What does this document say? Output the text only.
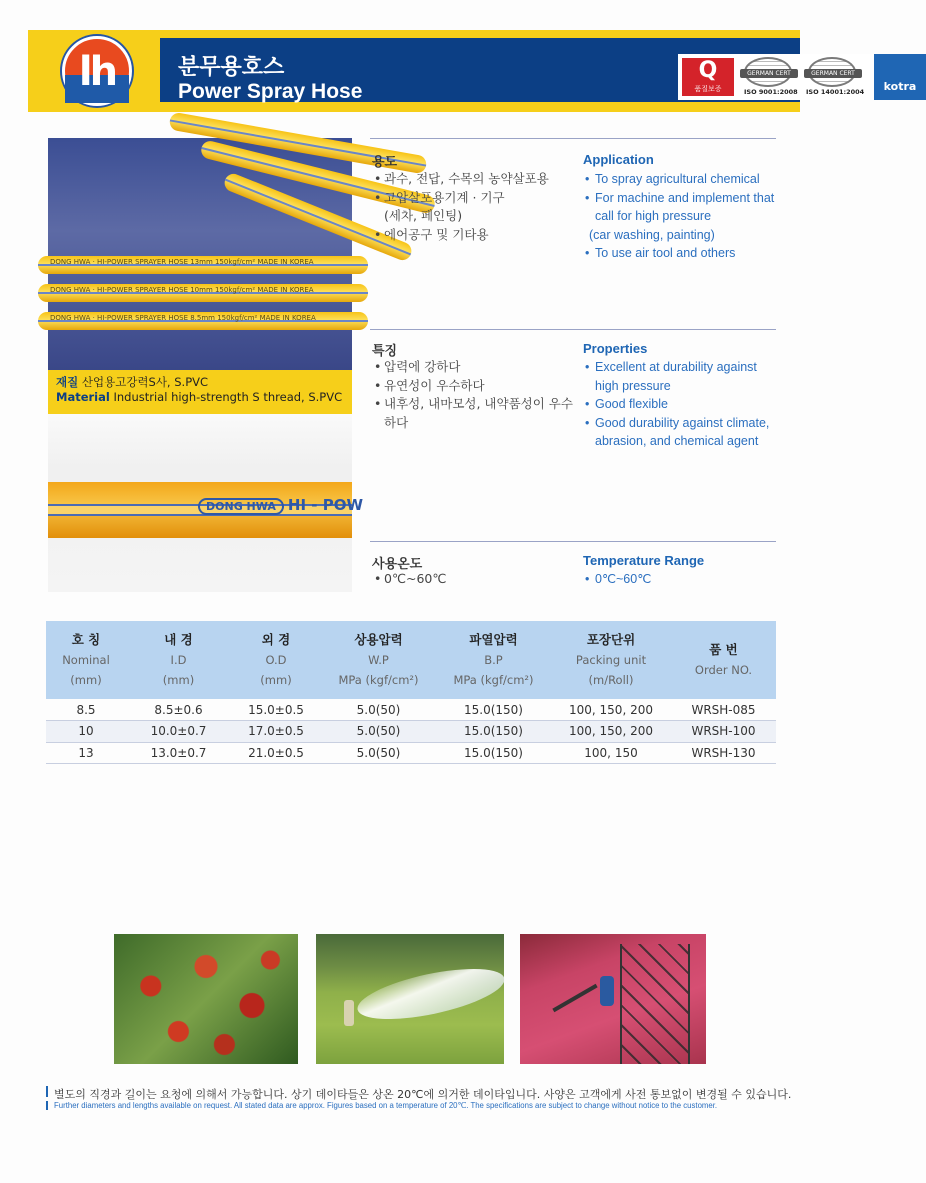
lh	분무용호스
Power Spray Hose
Q
품질보증
GERMAN CERT
ISO 9001:2008
GERMAN CERT
ISO 14001:2004	kotra
DONG HWA · HI-POWER SPRAYER HOSE 13mm 150kgf/cm² MADE IN KOREA
DONG HWA · HI-POWER SPRAYER HOSE 10mm 150kgf/cm² MADE IN KOREA
DONG HWA · HI-POWER SPRAYER HOSE 8.5mm 150kgf/cm² MADE IN KOREA
재질 산업용고강력S사, S.PVC
Material Industrial high-strength S thread, S.PVC
DONG HWA HI - POW
용도
• 과수, 전답, 수목의 농약살포용
• 고압살포용기계 · 기구
(세차, 페인팅)
• 에어공구 및 기타용
Application
• To spray agricultural chemical
• For machine and implement that
call for high pressure
(car washing, painting)
• To use air tool and others
특징
• 압력에 강하다
• 유연성이 우수하다
• 내후성, 내마모성, 내약품성이 우수
하다
Properties
• Excellent at durability against
high pressure
• Good flexible
• Good durability against climate,
abrasion, and chemical agent
사용온도
• 0℃~60℃
Temperature Range
• 0℃~60℃
호 칭
Nominal
(mm)	내 경
I.D
(mm)	외 경
O.D
(mm)	상용압력
W.P
MPa (kgf/cm²)	파열압력
B.P
MPa (kgf/cm²)	포장단위
Packing unit
(m/Roll)	품 번
Order NO.

8.5	8.5±0.6	15.0±0.5	5.0(50)	15.0(150)	100, 150, 200	WRSH-085
10	10.0±0.7	17.0±0.5	5.0(50)	15.0(150)	100, 150, 200	WRSH-100
13	13.0±0.7	21.0±0.5	5.0(50)	15.0(150)	100, 150	WRSH-130
별도의 직경과 길이는 요청에 의해서 가능합니다. 상기 데이타들은 상온 20℃에 의거한 데이타입니다. 사양은 고객에게 사전 통보없이 변경될 수 있습니다.
Further diameters and lengths available on request. All stated data are approx. Figures based on a temperature of 20℃. The specifications are subject to change without notice to the customer.
